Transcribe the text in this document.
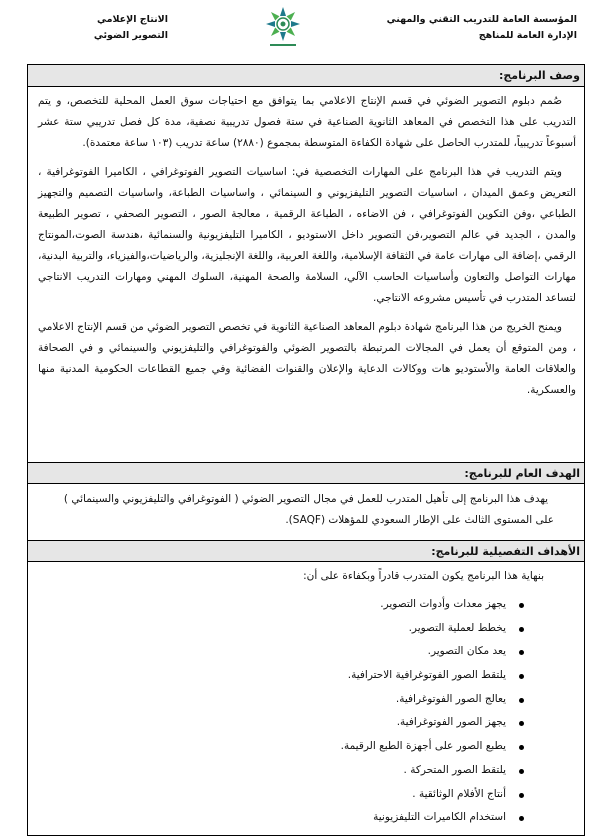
المؤسسة العامة للتدريب التقني والمهني
الإدارة العامة للمناهج
الانتاج الإعلامي
التصوير الضوئي
وصف البرنامج:

صُمم دبلوم التصوير الضوئي في قسم الإنتاج الاعلامي بما يتوافق مع احتياجات سوق العمل المحلية للتخصص، و يتم التدريب على هذا التخصص في المعاهد الثانوية الصناعية في ستة فصول تدريبية نصفية، مدة كل فصل تدريبي ستة عشر أسبوعاً تدريبياً، للمتدرب الحاصل على شهادة الكفاءة المتوسطة بمجموع (٢٨٨٠) ساعة تدريب (١٠٣ ساعة معتمدة).

ويتم التدريب في هذا البرنامج على المهارات التخصصية في: اساسيات التصوير الفوتوغرافي ، الكاميرا الفوتوغرافية ، التعريض وعمق الميدان ، اساسيات التصوير التليفزيوني و السينمائي ، واساسيات الطباعة، واساسيات التصميم والتجهيز الطباعي ،وفن التكوين الفوتوغرافي ، فن الاضاءه ، الطباعة الرقمية ، معالجة الصور ، التصوير الصحفي ، تصوير الطبيعة والمدن ، الجديد في عالم التصوير،فن التصوير داخل الاستوديو ، الكاميرا التليفزيونية والسنمائية ،هندسة الصوت،المونتاج الرقمي ،إضافة الى مهارات عامة في الثقافة الإسلامية، واللغة العربية، واللغة الإنجليزية، والرياضيات،والفيزياء، والتربية البدنية، مهارات التواصل والتعاون وأساسيات الحاسب الآلي، السلامة والصحة المهنية، السلوك المهني ومهارات التدريب الانتاجي لتساعد المتدرب في تأسيس مشروعه الانتاجي.

ويمنح الخريج من هذا البرنامج شهادة دبلوم المعاهد الصناعية الثانوية في تخصص التصوير الضوئي من قسم الإنتاج الاعلامي ، ومن المتوقع أن يعمل في المجالات المرتبطة بالتصوير الضوئي والفوتوغرافي والتليفزيوني والسينمائي و في الصحافة والعلاقات العامة والأستوديو هات ووكالات الدعاية والإعلان والقنوات الفضائية وفي جميع القطاعات الحكومية المدنية منها والعسكرية.

الهدف العام للبرنامج:
يهدف هذا البرنامج إلى تأهيل المتدرب للعمل في مجال التصوير الضوئي ( الفوتوغرافي والتليفزيوني والسينمائي ) على المستوى الثالث على الإطار السعودي للمؤهلات (SAQF).
الأهداف التفصيلية للبرنامج:
بنهاية هذا البرنامج يكون المتدرب قادراً وبكفاءة على أن:
يجهز معدات وأدوات التصوير.
يخطط لعملية التصوير.
يعد مكان التصوير.
يلتقط الصور الفوتوغرافية الاحترافية.
يعالج الصور الفوتوغرافية.
يجهز الصور الفوتوغرافية.
يطبع الصور على أجهزة الطبع الرقيمة.
يلتقط الصور المتحركة .
أنتاج الأفلام الوثائقية .
استخدام الكاميرات التليفزيونية
